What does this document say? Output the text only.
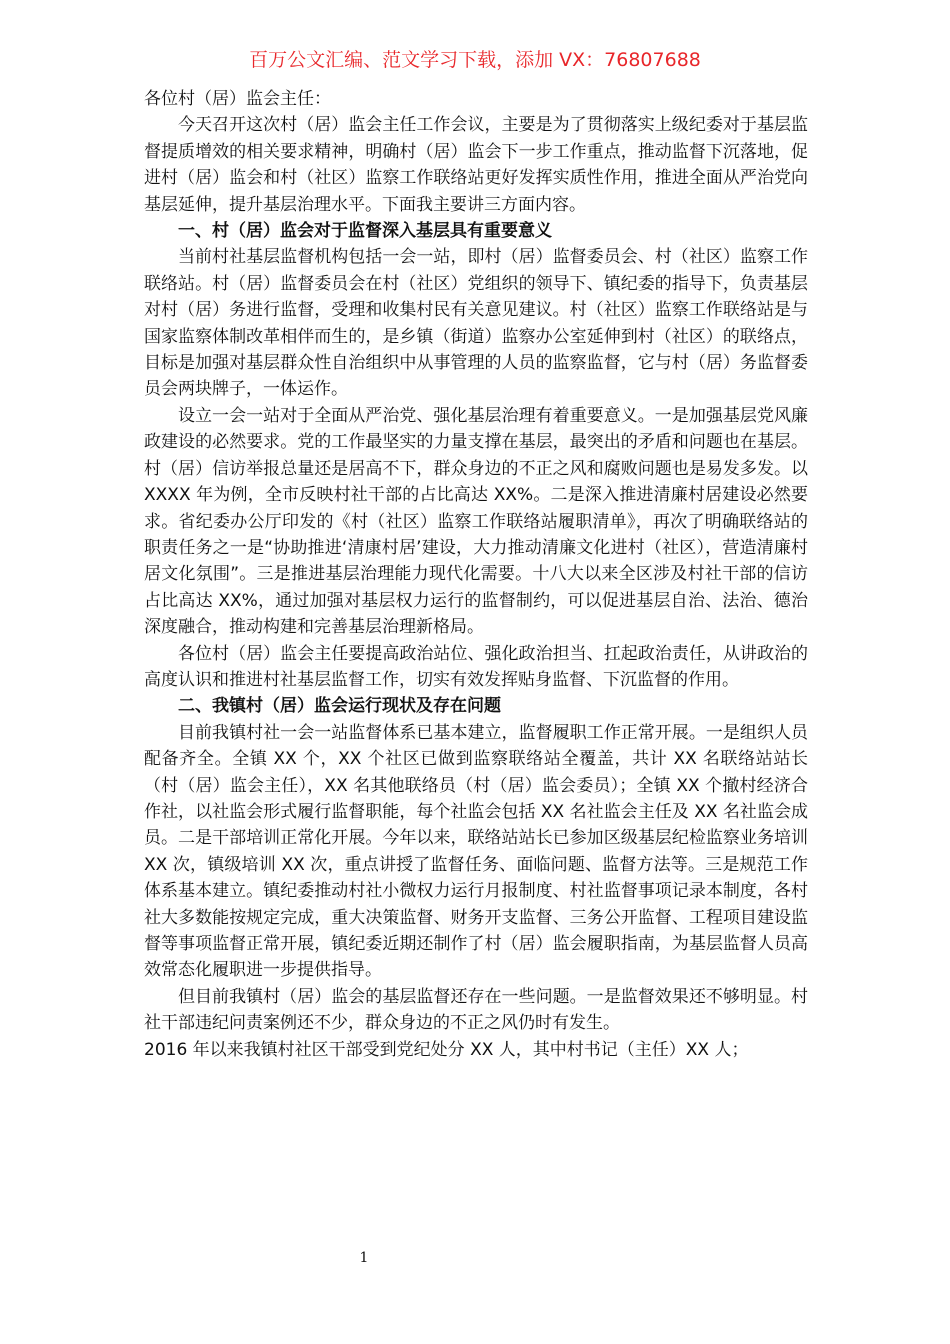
百万公文汇编、范文学习下载，添加 VX：76807688

各位村（居）监会主任：

今天召开这次村（居）监会主任工作会议，主要是为了贯彻落实上级纪委对于基层监督提质增效的相关要求精神，明确村（居）监会下一步工作重点，推动监督下沉落地，促进村（居）监会和村（社区）监察工作联络站更好发挥实质性作用，推进全面从严治党向基层延伸，提升基层治理水平。下面我主要讲三方面内容。

一、村（居）监会对于监督深入基层具有重要意义

当前村社基层监督机构包括一会一站，即村（居）监督委员会、村（社区）监察工作联络站。村（居）监督委员会在村（社区）党组织的领导下、镇纪委的指导下，负责基层对村（居）务进行监督，受理和收集村民有关意见建议。村（社区）监察工作联络站是与国家监察体制改革相伴而生的，是乡镇（街道）监察办公室延伸到村（社区）的联络点，目标是加强对基层群众性自治组织中从事管理的人员的监察监督，它与村（居）务监督委员会两块牌子，一体运作。

设立一会一站对于全面从严治党、强化基层治理有着重要意义。一是加强基层党风廉政建设的必然要求。党的工作最坚实的力量支撑在基层，最突出的矛盾和问题也在基层。村（居）信访举报总量还是居高不下，群众身边的不正之风和腐败问题也是易发多发。以 XXXX 年为例，全市反映村社干部的占比高达 XX%。二是深入推进清廉村居建设必然要求。省纪委办公厅印发的《村（社区）监察工作联络站履职清单》，再次了明确联络站的职责任务之一是“协助推进‘清康村居’建设，大力推动清廉文化进村（社区），营造清廉村居文化氛围”。三是推进基层治理能力现代化需要。十八大以来全区涉及村社干部的信访占比高达 XX%，通过加强对基层权力运行的监督制约，可以促进基层自治、法治、德治深度融合，推动构建和完善基层治理新格局。

各位村（居）监会主任要提高政治站位、强化政治担当、扛起政治责任，从讲政治的高度认识和推进村社基层监督工作，切实有效发挥贴身监督、下沉监督的作用。

二、我镇村（居）监会运行现状及存在问题

目前我镇村社一会一站监督体系已基本建立，监督履职工作正常开展。一是组织人员配备齐全。全镇 XX 个，XX 个社区已做到监察联络站全覆盖，共计 XX 名联络站站长（村（居）监会主任），XX 名其他联络员（村（居）监会委员）；全镇 XX 个撤村经济合作社，以社监会形式履行监督职能，每个社监会包括 XX 名社监会主任及 XX 名社监会成员。二是干部培训正常化开展。今年以来，联络站站长已参加区级基层纪检监察业务培训 XX 次，镇级培训 XX 次，重点讲授了监督任务、面临问题、监督方法等。三是规范工作体系基本建立。镇纪委推动村社小微权力运行月报制度、村社监督事项记录本制度，各村社大多数能按规定完成，重大决策监督、财务开支监督、三务公开监督、工程项目建设监督等事项监督正常开展，镇纪委近期还制作了村（居）监会履职指南，为基层监督人员高效常态化履职进一步提供指导。

但目前我镇村（居）监会的基层监督还存在一些问题。一是监督效果还不够明显。村社干部违纪问责案例还不少，群众身边的不正之风仍时有发生。

2016 年以来我镇村社区干部受到党纪处分 XX 人，其中村书记（主任）XX 人；

1
